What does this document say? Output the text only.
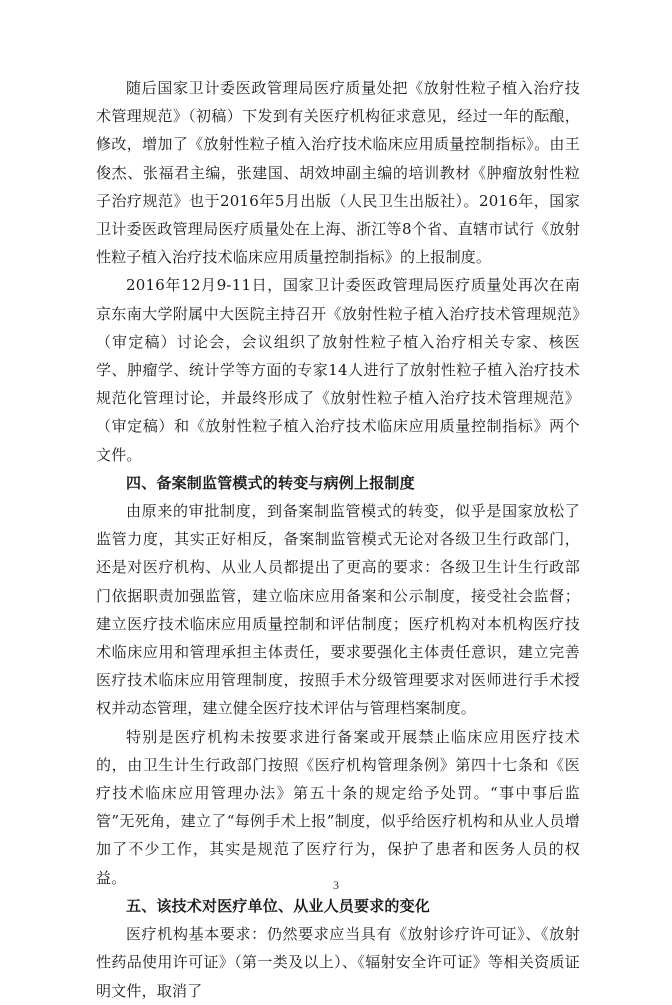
随后国家卫计委医政管理局医疗质量处把《放射性粒子植入治疗技术管理规范》（初稿）下发到有关医疗机构征求意见，经过一年的酝酿，修改，增加了《放射性粒子植入治疗技术临床应用质量控制指标》。由王俊杰、张福君主编，张建国、胡效坤副主编的培训教材《肿瘤放射性粒子治疗规范》也于2016年5月出版（人民卫生出版社）。2016年，国家卫计委医政管理局医疗质量处在上海、浙江等8个省、直辖市试行《放射性粒子植入治疗技术临床应用质量控制指标》的上报制度。

2016年12月9-11日，国家卫计委医政管理局医疗质量处再次在南京东南大学附属中大医院主持召开《放射性粒子植入治疗技术管理规范》（审定稿）讨论会，会议组织了放射性粒子植入治疗相关专家、核医学、肿瘤学、统计学等方面的专家14人进行了放射性粒子植入治疗技术规范化管理讨论，并最终形成了《放射性粒子植入治疗技术管理规范》（审定稿）和《放射性粒子植入治疗技术临床应用质量控制指标》两个文件。

四、备案制监管模式的转变与病例上报制度

由原来的审批制度，到备案制监管模式的转变，似乎是国家放松了监管力度，其实正好相反，备案制监管模式无论对各级卫生行政部门，还是对医疗机构、从业人员都提出了更高的要求：各级卫生计生行政部门依据职责加强监管，建立临床应用备案和公示制度，接受社会监督；建立医疗技术临床应用质量控制和评估制度；医疗机构对本机构医疗技术临床应用和管理承担主体责任，要求要强化主体责任意识，建立完善医疗技术临床应用管理制度，按照手术分级管理要求对医师进行手术授权并动态管理，建立健全医疗技术评估与管理档案制度。

特别是医疗机构未按要求进行备案或开展禁止临床应用医疗技术的，由卫生计生行政部门按照《医疗机构管理条例》第四十七条和《医疗技术临床应用管理办法》第五十条的规定给予处罚。“事中事后监管”无死角，建立了“每例手术上报”制度，似乎给医疗机构和从业人员增加了不少工作，其实是规范了医疗行为，保护了患者和医务人员的权益。

五、该技术对医疗单位、从业人员要求的变化

医疗机构基本要求：仍然要求应当具有《放射诊疗许可证》、《放射性药品使用许可证》（第一类及以上）、《辐射安全许可证》等相关资质证明文件，取消了

3
